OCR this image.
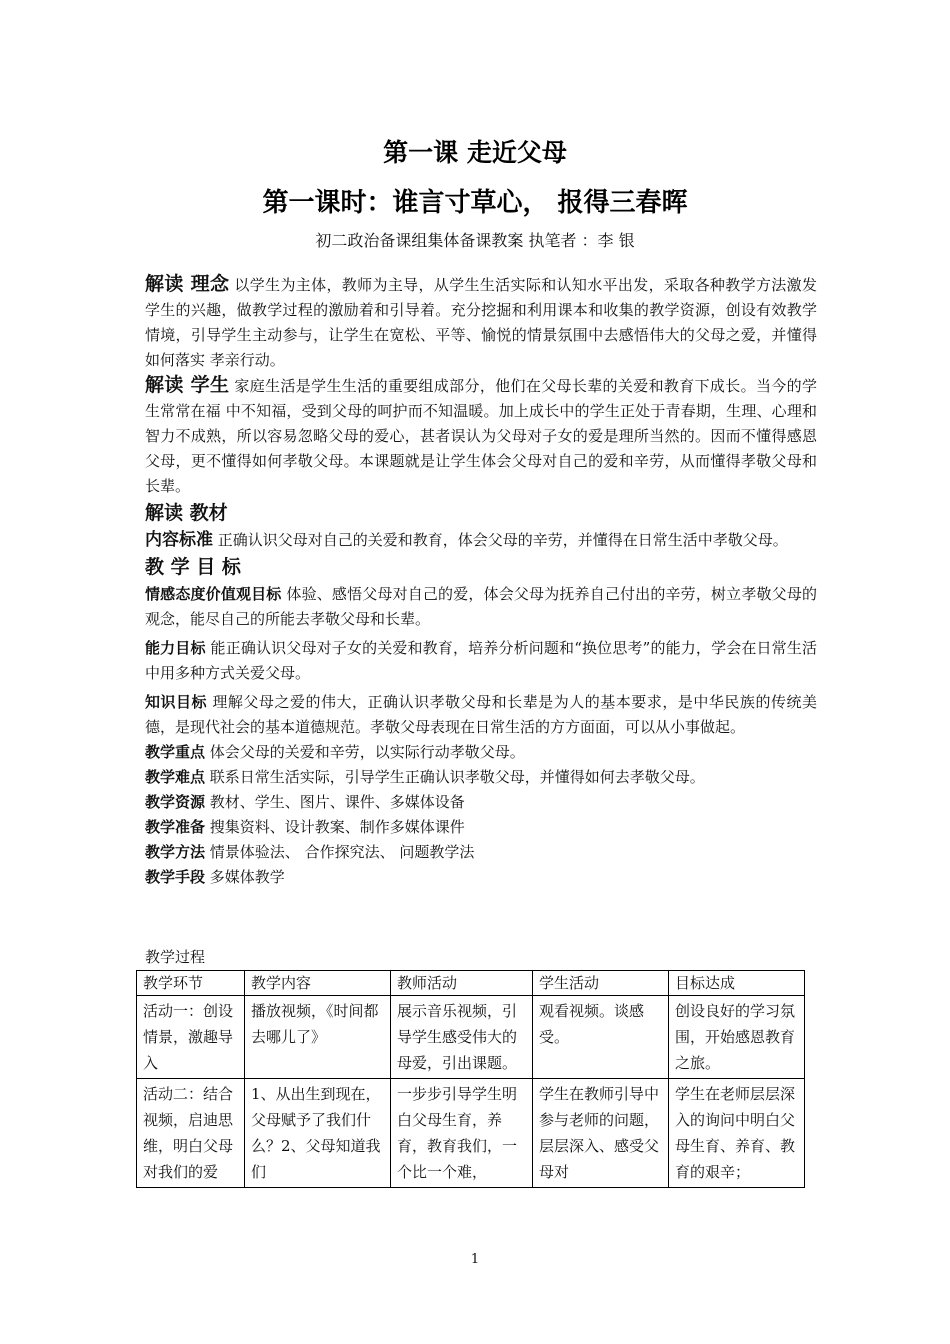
第一课 走近父母
第一课时：谁言寸草心， 报得三春晖
初二政治备课组集体备课教案 执笔者 ：李 银

解读 理念 以学生为主体，教师为主导，从学生生活实际和认知水平出发，采取各种教学方法激发学生的兴趣，做教学过程的激励着和引导着。充分挖掘和利用课本和收集的教学资源，创设有效教学情境，引导学生主动参与，让学生在宽松、平等、愉悦的情景氛围中去感悟伟大的父母之爱，并懂得如何落实 孝亲行动。

解读 学生 家庭生活是学生生活的重要组成部分，他们在父母长辈的关爱和教育下成长。当今的学生常常在福 中不知福，受到父母的呵护而不知温暖。加上成长中的学生正处于青春期，生理、心理和智力不成熟，所以容易忽略父母的爱心，甚者误认为父母对子女的爱是理所当然的。因而不懂得感恩父母，更不懂得如何孝敬父母。本课题就是让学生体会父母对自己的爱和辛劳，从而懂得孝敬父母和长辈。

解读 教材

内容标准 正确认识父母对自己的关爱和教育，体会父母的辛劳，并懂得在日常生活中孝敬父母。

教 学 目 标

情感态度价值观目标 体验、感悟父母对自己的爱，体会父母为抚养自己付出的辛劳，树立孝敬父母的观念，能尽自己的所能去孝敬父母和长辈。

能力目标 能正确认识父母对子女的关爱和教育，培养分析问题和“换位思考”的能力，学会在日常生活中用多种方式关爱父母。

知识目标 理解父母之爱的伟大，正确认识孝敬父母和长辈是为人的基本要求，是中华民族的传统美德，是现代社会的基本道德规范。孝敬父母表现在日常生活的方方面面，可以从小事做起。

教学重点 体会父母的关爱和辛劳，以实际行动孝敬父母。

教学难点 联系日常生活实际，引导学生正确认识孝敬父母，并懂得如何去孝敬父母。

教学资源 教材、学生、图片、课件、多媒体设备

教学准备 搜集资料、设计教案、制作多媒体课件

教学方法 情景体验法、 合作探究法、 问题教学法

教学手段 多媒体教学

教学过程
教学环节	教学内容	教师活动	学生活动	目标达成
活动一：创设情景，激趣导入	播放视频，《时间都去哪儿了》	展示音乐视频，引导学生感受伟大的母爱，引出课题。	观看视频。谈感受。	创设良好的学习氛围，开始感恩教育之旅。
活动二：结合视频，启迪思维，明白父母对我们的爱	1、从出生到现在，父母赋予了我们什么？2、父母知道我们	一步步引导学生明白父母生育，养育，教育我们，一个比一个难，	学生在教师引导中参与老师的问题，层层深入、感受父母对	学生在老师层层深入的询问中明白父母生育、养育、教育的艰辛；
1
